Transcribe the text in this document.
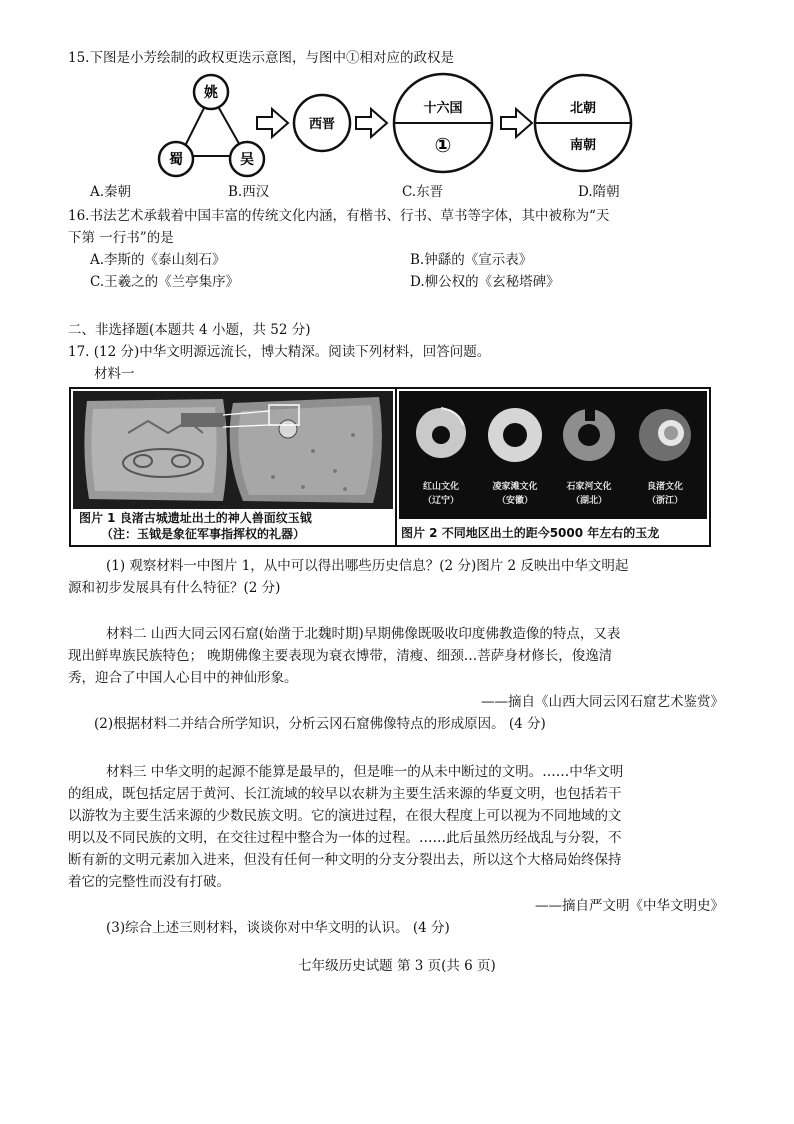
15.下图是小芳绘制的政权更迭示意图，与图中①相对应的政权是
姚
蜀	吴
西晋
十六国
①
北朝
南朝
A.秦朝	B.西汉	C.东晋	D.隋朝
16.书法艺术承载着中国丰富的传统文化内涵，有楷书、行书、草书等字体，其中被称为“天
下第 一行书”的是
A.李斯的《泰山刻石》	B.钟繇的《宣示表》
C.王羲之的《兰亭集序》	D.柳公权的《玄秘塔碑》
二、非选择题(本题共 4 小题，共 52 分)
17. (12 分)中华文明源远流长，博大精深。阅读下列材料，回答问题。
材料一
图片 1 良渚古城遗址出土的神人兽面纹玉钺
（注：玉钺是象征军事指挥权的礼器）
红山文化	凌家滩文化	石家河文化	良渚文化
（辽宁）	（安徽）	（湖北）	（浙江）
图片 2 不同地区出土的距今5000 年左右的玉龙
(1) 观察材料一中图片 1，从中可以得出哪些历史信息？(2 分)图片 2 反映出中华文明起
源和初步发展具有什么特征？(2 分)
材料二 山西大同云冈石窟(始凿于北魏时期)早期佛像既吸收印度佛教造像的特点，又表
现出鲜卑族民族特色； 晚期佛像主要表现为衰衣博带，清瘦、细颈…菩萨身材修长，俊逸清
秀，迎合了中国人心目中的神仙形象。
——摘自《山西大同云冈石窟艺术鉴赏》
(2)根据材料二并结合所学知识，分析云冈石窟佛像特点的形成原因。 (4 分)
材料三 中华文明的起源不能算是最早的，但是唯一的从未中断过的文明。……中华文明
的组成，既包括定居于黄河、长江流域的较早以农耕为主要生活来源的华夏文明，也包括若干
以游牧为主要生活来源的少数民族文明。它的演进过程，在很大程度上可以视为不同地域的文
明以及不同民族的文明，在交往过程中整合为一体的过程。……此后虽然历经战乱与分裂，不
断有新的文明元素加入进来，但没有任何一种文明的分支分裂出去，所以这个大格局始终保持
着它的完整性而没有打破。
——摘自严文明《中华文明史》
(3)综合上述三则材料，谈谈你对中华文明的认识。 (4 分)
七年级历史试题 第 3 页(共 6 页)
